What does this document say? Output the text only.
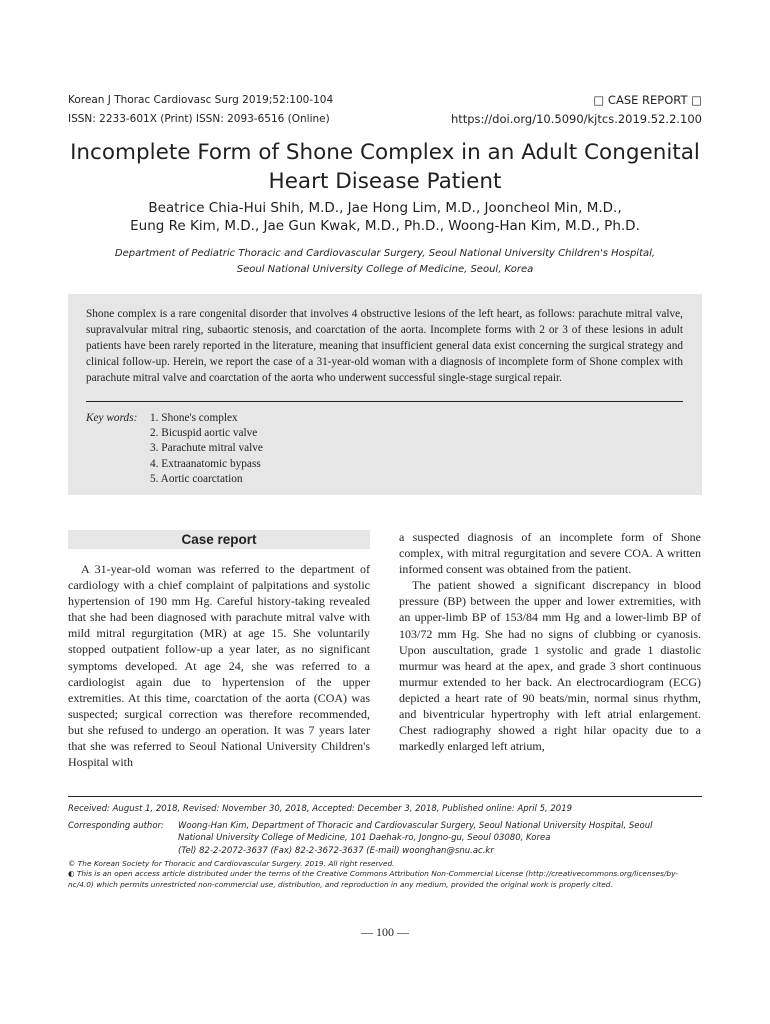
Korean J Thorac Cardiovasc Surg 2019;52:100-104
ISSN: 2233-601X (Print) ISSN: 2093-6516 (Online)
□ CASE REPORT □
https://doi.org/10.5090/kjtcs.2019.52.2.100
Incomplete Form of Shone Complex in an Adult Congenital
Heart Disease Patient
Beatrice Chia-Hui Shih, M.D., Jae Hong Lim, M.D., Jooncheol Min, M.D.,
Eung Re Kim, M.D., Jae Gun Kwak, M.D., Ph.D., Woong-Han Kim, M.D., Ph.D.
Department of Pediatric Thoracic and Cardiovascular Surgery, Seoul National University Children's Hospital,
Seoul National University College of Medicine, Seoul, Korea
Shone complex is a rare congenital disorder that involves 4 obstructive lesions of the left heart, as follows: parachute mitral valve, supravalvular mitral ring, subaortic stenosis, and coarctation of the aorta. Incomplete forms with 2 or 3 of these lesions in adult patients have been rarely reported in the literature, meaning that insufficient general data exist concerning the surgical strategy and clinical follow-up. Herein, we report the case of a 31-year-old woman with a diagnosis of incomplete form of Shone complex with parachute mitral valve and coarctation of the aorta who underwent successful single-stage surgical repair.
Key words: 1. Shone's complex
2. Bicuspid aortic valve
3. Parachute mitral valve
4. Extraanatomic bypass
5. Aortic coarctation
Case report

A 31-year-old woman was referred to the department of cardiology with a chief complaint of palpitations and systolic hypertension of 190 mm Hg. Careful history-taking revealed that she had been diagnosed with parachute mitral valve with mild mitral regurgitation (MR) at age 15. She voluntarily stopped outpatient follow-up a year later, as no significant symptoms developed. At age 24, she was referred to a cardiologist again due to hypertension of the upper extremities. At this time, coarctation of the aorta (COA) was suspected; surgical correction was therefore recommended, but she refused to undergo an operation. It was 7 years later that she was referred to Seoul National University Children's Hospital with

a suspected diagnosis of an incomplete form of Shone complex, with mitral regurgitation and severe COA. A written informed consent was obtained from the patient.

The patient showed a significant discrepancy in blood pressure (BP) between the upper and lower extremities, with an upper-limb BP of 153/84 mm Hg and a lower-limb BP of 103/72 mm Hg. She had no signs of clubbing or cyanosis. Upon auscultation, grade 1 systolic and grade 1 diastolic murmur was heard at the apex, and grade 3 short continuous murmur extended to her back. An electrocardiogram (ECG) depicted a heart rate of 90 beats/min, normal sinus rhythm, and biventricular hypertrophy with left atrial enlargement. Chest radiography showed a right hilar opacity due to a markedly enlarged left atrium,

Received: August 1, 2018, Revised: November 30, 2018, Accepted: December 3, 2018, Published online: April 5, 2019
Corresponding author: Woong-Han Kim, Department of Thoracic and Cardiovascular Surgery, Seoul National University Hospital, Seoul
National University College of Medicine, 101 Daehak-ro, Jongno-gu, Seoul 03080, Korea
(Tel) 82-2-2072-3637 (Fax) 82-2-3672-3637 (E-mail) woonghan@snu.ac.kr
© The Korean Society for Thoracic and Cardiovascular Surgery. 2019. All right reserved.
◐ This is an open access article distributed under the terms of the Creative Commons Attribution Non-Commercial License (http://creativecommons.org/licenses/by-nc/4.0) which permits unrestricted non-commercial use, distribution, and reproduction in any medium, provided the original work is properly cited.
— 100 —
